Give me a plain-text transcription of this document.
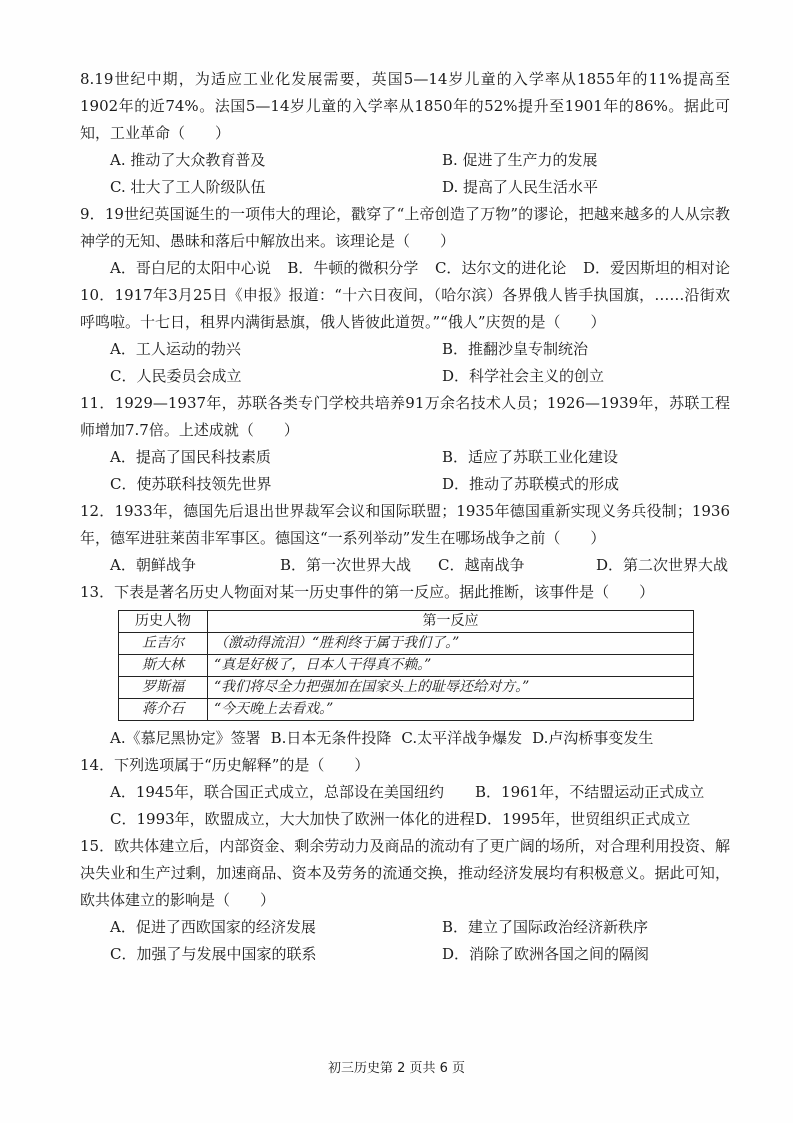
8.19世纪中期，为适应工业化发展需要，英国5—14岁儿童的入学率从1855年的11%提高至1902年的近74%。法国5—14岁儿童的入学率从1850年的52%提升至1901年的86%。据此可知，工业革命（　　）

A. 推动了大众教育普及	B. 促进了生产力的发展
C. 壮大了工人阶级队伍	D. 提高了人民生活水平

9．19世纪英国诞生的一项伟大的理论，戳穿了“上帝创造了万物”的谬论，把越来越多的人从宗教神学的无知、愚昧和落后中解放出来。该理论是（　　）

A．哥白尼的太阳中心说 B．牛顿的微积分学 C．达尔文的进化论 D．爱因斯坦的相对论

10．1917年3月25日《申报》报道：“十六日夜间，（哈尔滨）各界俄人皆手执国旗，……沿街欢呼鸣啦。十七日，租界内满街悬旗，俄人皆彼此道贺。”“俄人”庆贺的是（　　）

A．工人运动的勃兴	B．推翻沙皇专制统治
C．人民委员会成立	D．科学社会主义的创立

11．1929—1937年，苏联各类专门学校共培养91万余名技术人员；1926—1939年，苏联工程师增加7.7倍。上述成就（　　）

A．提高了国民科技素质	B．适应了苏联工业化建设
C．使苏联科技领先世界	D．推动了苏联模式的形成

12．1933年，德国先后退出世界裁军会议和国际联盟；1935年德国重新实现义务兵役制；1936年，德军进驻莱茵非军事区。德国这“一系列举动”发生在哪场战争之前（　　）

A．朝鲜战争	B．第一次世界大战	C．越南战争	D．第二次世界大战

13．下表是著名历史人物面对某一历史事件的第一反应。据此推断，该事件是（　　）

历史人物	第一反应
丘吉尔	（激动得流泪）“胜利终于属于我们了。”
斯大林	“真是好极了，日本人干得真不赖。”
罗斯福	“我们将尽全力把强加在国家头上的耻辱还给对方。”
蒋介石	“今天晚上去看戏。”
A.《慕尼黑协定》签署 B.日本无条件投降 C.太平洋战争爆发 D.卢沟桥事变发生

14．下列选项属于“历史解释”的是（　　）

A．1945年，联合国正式成立，总部设在美国纽约	B．1961年，不结盟运动正式成立
C．1993年，欧盟成立，大大加快了欧洲一体化的进程 D．1995年，世贸组织正式成立

15．欧共体建立后，内部资金、剩余劳动力及商品的流动有了更广阔的场所，对合理利用投资、解决失业和生产过剩，加速商品、资本及劳务的流通交换，推动经济发展均有积极意义。据此可知，欧共体建立的影响是（　　）

A．促进了西欧国家的经济发展	B．建立了国际政治经济新秩序
C．加强了与发展中国家的联系	D．消除了欧洲各国之间的隔阂
初三历史第 2 页共 6 页
